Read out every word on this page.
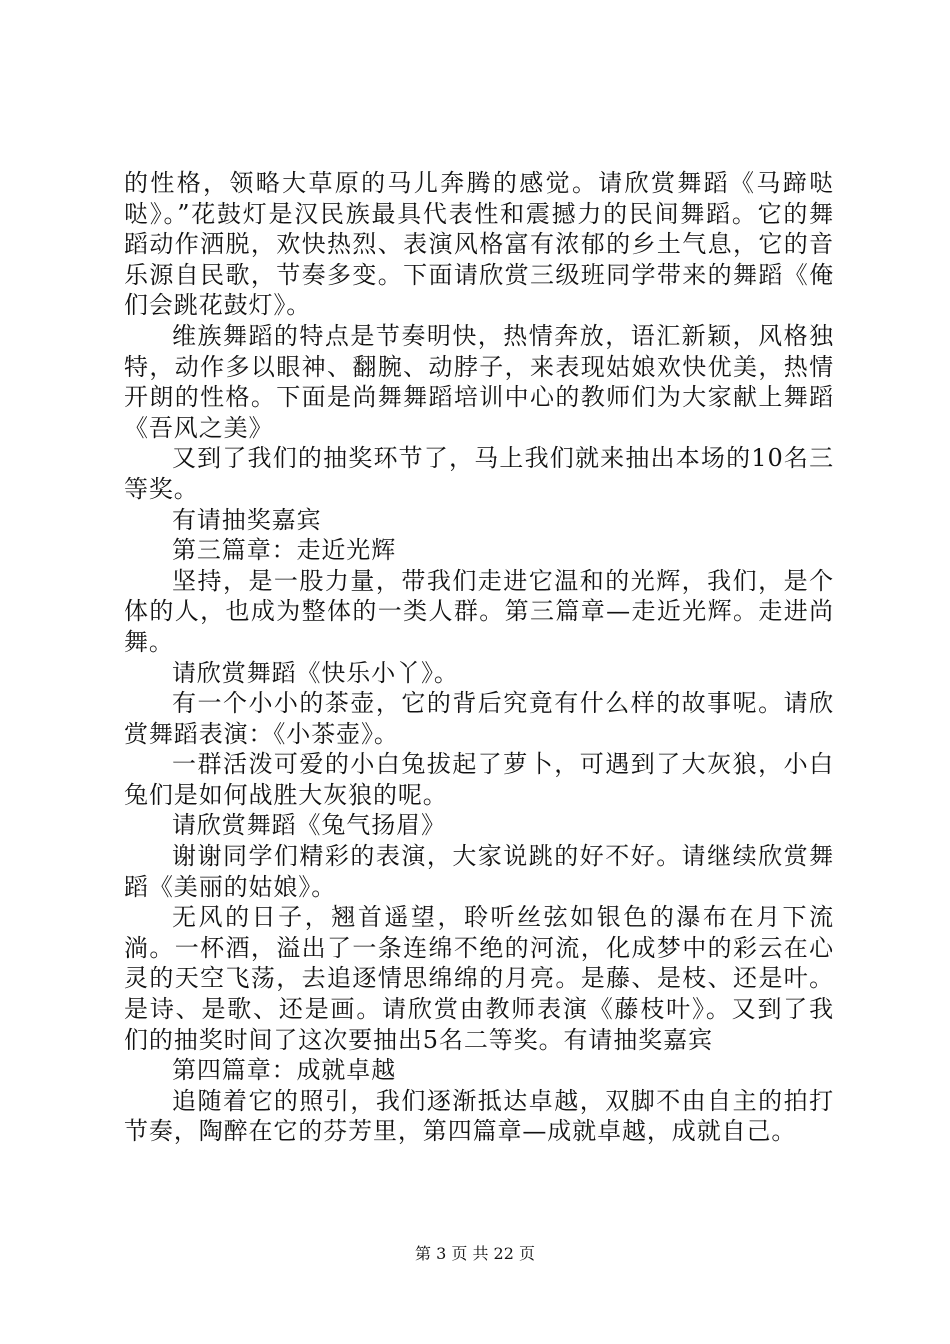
的性格，领略大草原的马儿奔腾的感觉。请欣赏舞蹈《马蹄哒哒》。”花鼓灯是汉民族最具代表性和震撼力的民间舞蹈。它的舞蹈动作洒脱，欢快热烈、表演风格富有浓郁的乡土气息，它的音乐源自民歌，节奏多变。下面请欣赏三级班同学带来的舞蹈《俺们会跳花鼓灯》。

维族舞蹈的特点是节奏明快，热情奔放，语汇新颖，风格独特，动作多以眼神、翻腕、动脖子，来表现姑娘欢快优美，热情开朗的性格。下面是尚舞舞蹈培训中心的教师们为大家献上舞蹈《吾风之美》

又到了我们的抽奖环节了，马上我们就来抽出本场的10名三等奖。

有请抽奖嘉宾

第三篇章：走近光辉

坚持，是一股力量，带我们走进它温和的光辉，我们，是个体的人，也成为整体的一类人群。第三篇章—走近光辉。走进尚舞。

请欣赏舞蹈《快乐小丫》。

有一个小小的茶壶，它的背后究竟有什么样的故事呢。请欣赏舞蹈表演：《小茶壶》。

一群活泼可爱的小白兔拔起了萝卜，可遇到了大灰狼，小白兔们是如何战胜大灰狼的呢。

请欣赏舞蹈《兔气扬眉》

谢谢同学们精彩的表演，大家说跳的好不好。请继续欣赏舞蹈《美丽的姑娘》。

无风的日子，翘首遥望，聆听丝弦如银色的瀑布在月下流淌。一杯酒，溢出了一条连绵不绝的河流，化成梦中的彩云在心灵的天空飞荡，去追逐情思绵绵的月亮。是藤、是枝、还是叶。是诗、是歌、还是画。请欣赏由教师表演《藤枝叶》。又到了我们的抽奖时间了这次要抽出5名二等奖。有请抽奖嘉宾

第四篇章：成就卓越

追随着它的照引，我们逐渐抵达卓越，双脚不由自主的拍打节奏，陶醉在它的芬芳里，第四篇章—成就卓越，成就自己。

第 3 页 共 22 页
